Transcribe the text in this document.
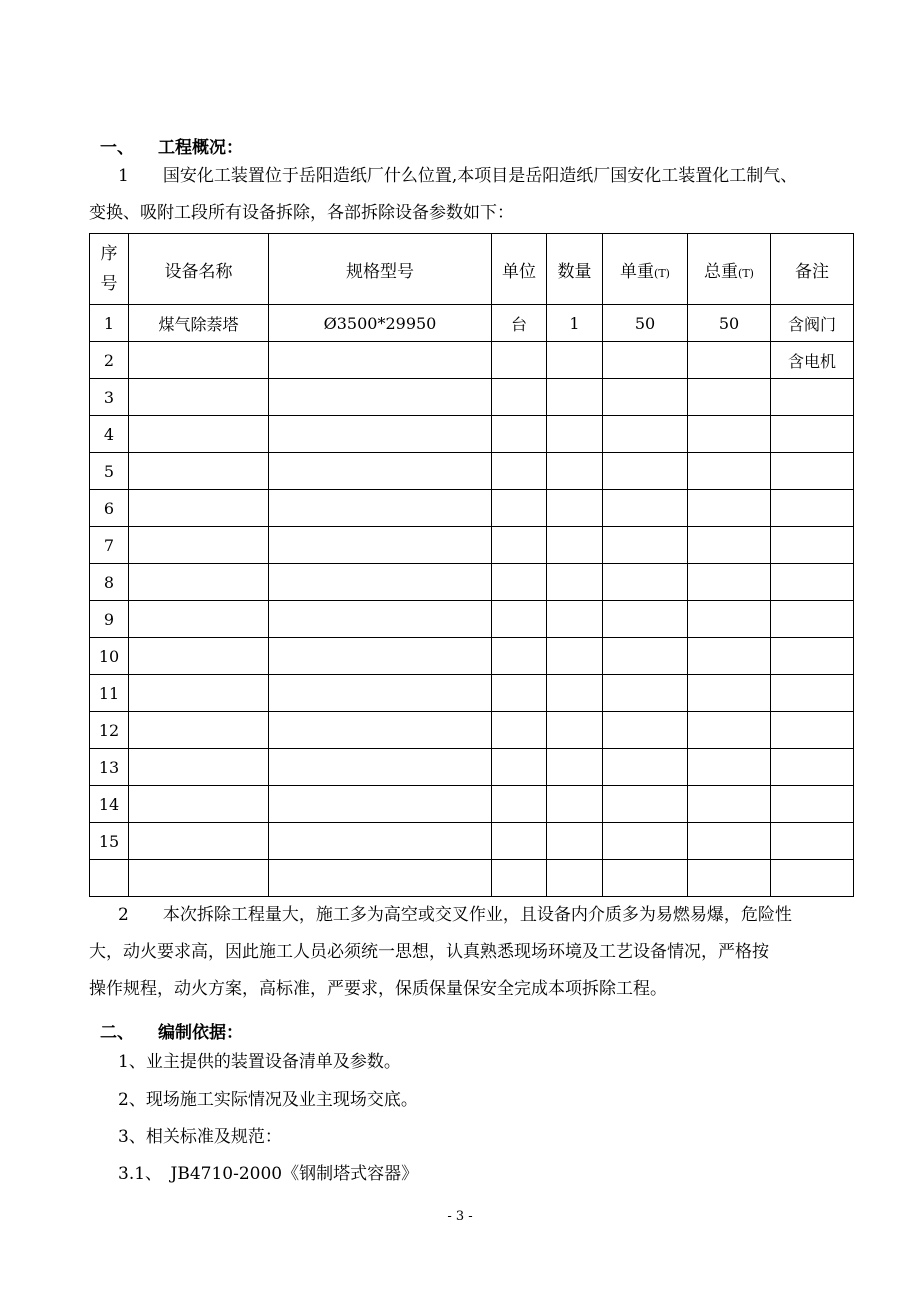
一、 工程概况：
1　　国安化工装置位于岳阳造纸厂什么位置,本项目是岳阳造纸厂国安化工装置化工制气、
变换、吸附工段所有设备拆除，各部拆除设备参数如下：
序
号	设备名称	规格型号	单位	数量	单重(T)	总重(T)	备注
1	煤气除萘塔	Ø3500*29950	台	1	50	50	含阀门
2							含电机
3							
4							
5							
6							
7							
8							
9							
10							
11							
12							
13							
14							
15							

2　　本次拆除工程量大，施工多为高空或交叉作业，且设备内介质多为易燃易爆，危险性
大，动火要求高，因此施工人员必须统一思想，认真熟悉现场环境及工艺设备情况，严格按
操作规程，动火方案，高标准，严要求，保质保量保安全完成本项拆除工程。
二、 编制依据：
1、业主提供的装置设备清单及参数。
2、现场施工实际情况及业主现场交底。
3、相关标准及规范：
3.1、　JB4710-2000《钢制塔式容器》
- 3 -
